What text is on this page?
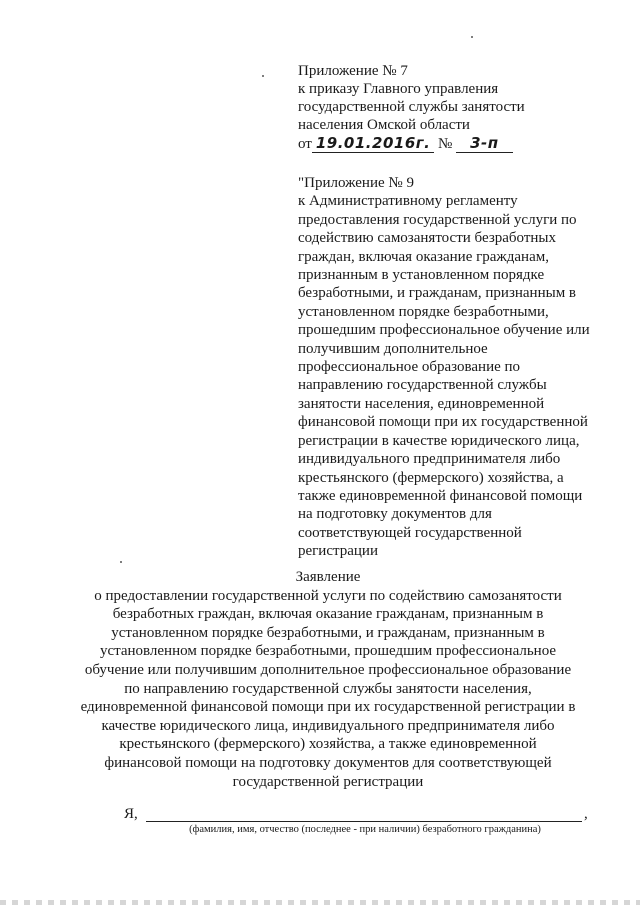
Приложение № 7
к приказу Главного управления
государственной службы занятости
населения Омской области
от 19.01.2016г. № 3-п
"Приложение № 9
к Административному регламенту
предоставления государственной услуги по
содействию самозанятости безработных
граждан, включая оказание гражданам,
признанным в установленном порядке
безработными, и гражданам, признанным в
установленном порядке безработными,
прошедшим профессиональное обучение или
получившим дополнительное
профессиональное образование по
направлению государственной службы
занятости населения, единовременной
финансовой помощи при их государственной
регистрации в качестве юридического лица,
индивидуального предпринимателя либо
крестьянского (фермерского) хозяйства, а
также единовременной финансовой помощи
на подготовку документов для
соответствующей государственной
регистрации
Заявление
о предоставлении государственной услуги по содействию самозанятости
безработных граждан, включая оказание гражданам, признанным в
установленном порядке безработными, и гражданам, признанным в
установленном порядке безработными, прошедшим профессиональное
обучение или получившим дополнительное профессиональное образование
по направлению государственной службы занятости населения,
единовременной финансовой помощи при их государственной регистрации в
качестве юридического лица, индивидуального предпринимателя либо
крестьянского (фермерского) хозяйства, а также единовременной
финансовой помощи на подготовку документов для соответствующей
государственной регистрации
Я,	,
(фамилия, имя, отчество (последнее - при наличии) безработного гражданина)
